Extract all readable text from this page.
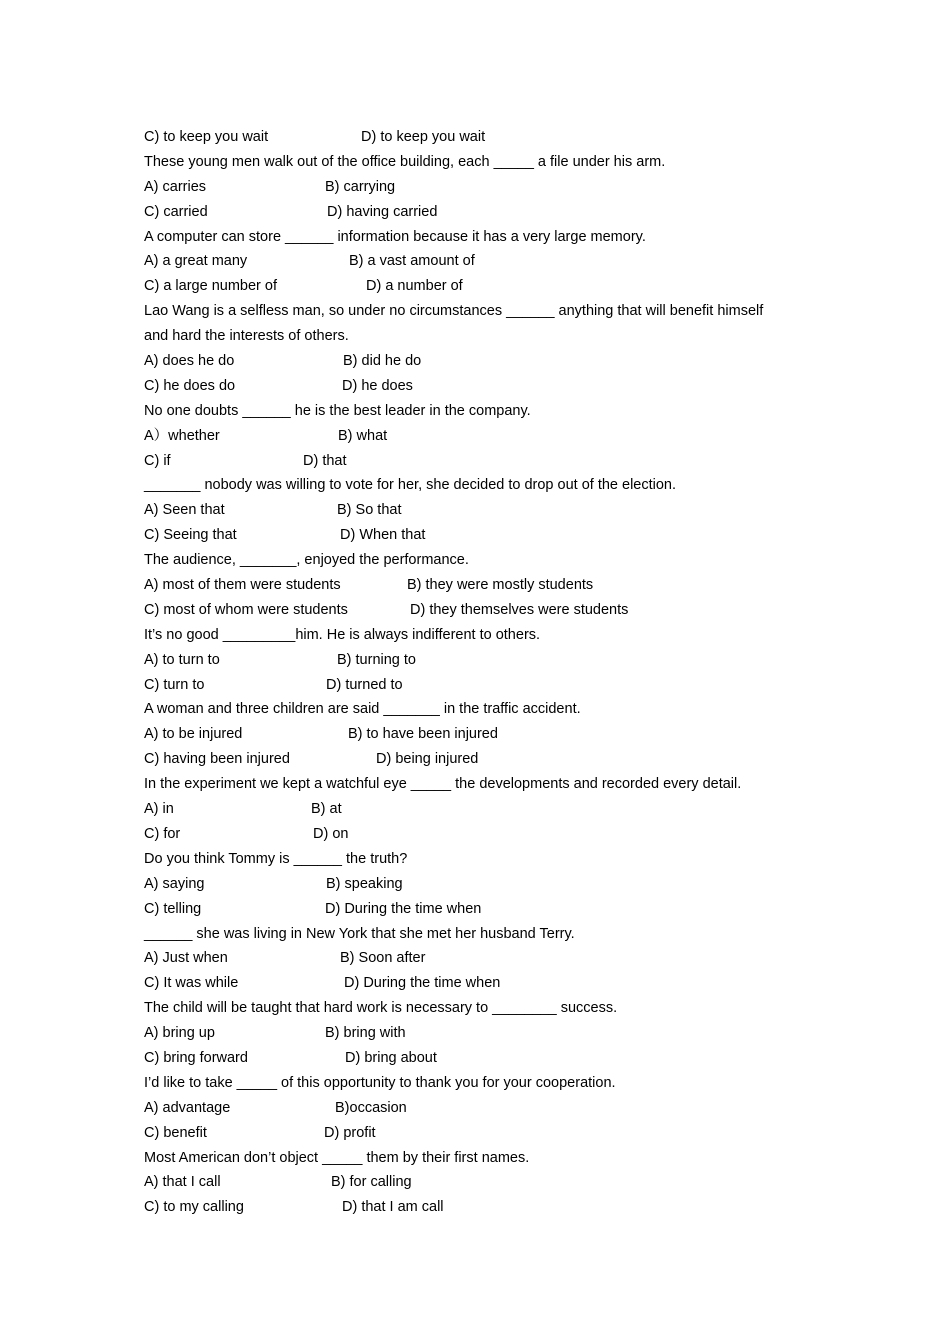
C) to keep you wait	D) to keep you wait
These young men walk out of the office building, each _____ a file under his arm.
A) carries	B) carrying
C) carried	D) having carried
A computer can store ______ information because it has a very large memory.
A) a great many	B) a vast amount of
C) a large number of	D) a number of
Lao Wang is a selfless man, so under no circumstances ______ anything that will benefit himself
and hard the interests of others.
A) does he do	B) did he do
C) he does do	D) he does
No one doubts ______ he is the best leader in the company.
A）whether	B) what
C) if	D) that
_______ nobody was willing to vote for her, she decided to drop out of the election.
A) Seen that	B) So that
C) Seeing that	D) When that
The audience, _______, enjoyed the performance.
A) most of them were students	B) they were mostly students
C) most of whom were students	D) they themselves were students
It’s no good _________him. He is always indifferent to others.
A) to turn to	B) turning to
C) turn to	D) turned to
A woman and three children are said _______ in the traffic accident.
A) to be injured	B) to have been injured
C) having been injured	D) being injured
In the experiment we kept a watchful eye _____ the developments and recorded every detail.
A) in	B) at
C) for	D) on
Do you think Tommy is ______ the truth?
A) saying	B) speaking
C) telling	D) During the time when
______ she was living in New York that she met her husband Terry.
A) Just when	B) Soon after
C) It was while	D) During the time when
The child will be taught that hard work is necessary to ________ success.
A) bring up	B) bring with
C) bring forward	D) bring about
I’d like to take _____ of this opportunity to thank you for your cooperation.
A) advantage	B)occasion
C) benefit	D) profit
Most American don’t object _____ them by their first names.
A) that I call	B) for calling
C) to my calling	D) that I am call
